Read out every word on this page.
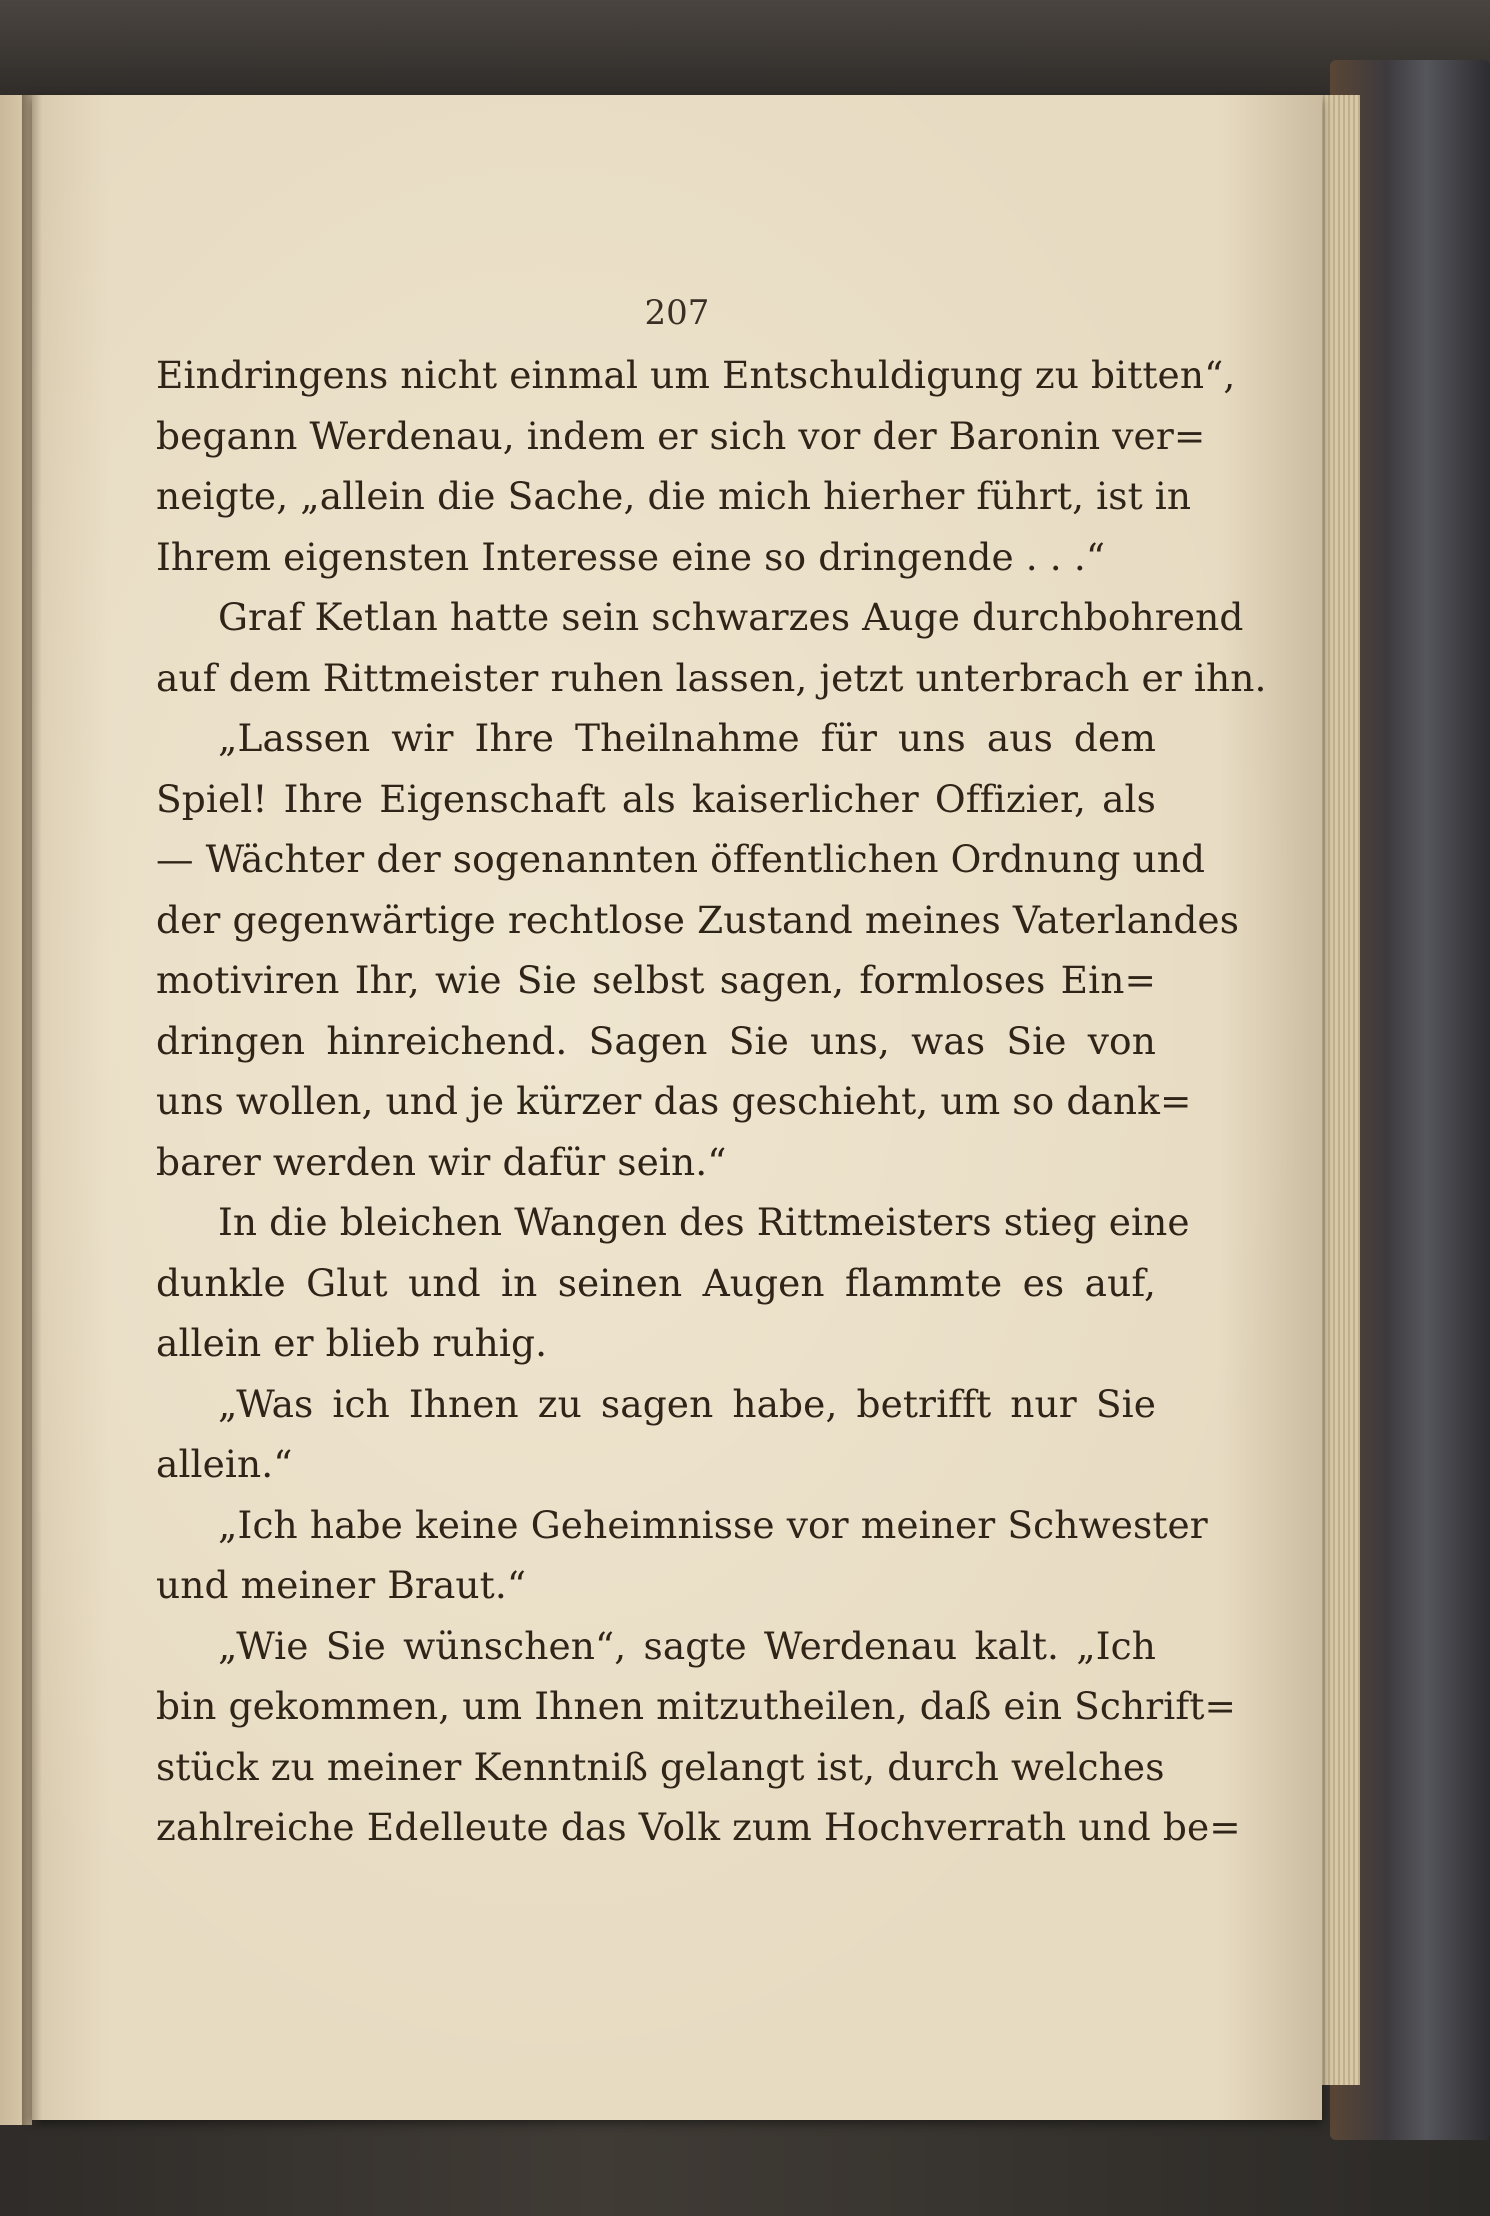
207
Eindringens nicht einmal um Entschuldigung zu bitten“,
begann Werdenau, indem er sich vor der Baronin ver=
neigte, „allein die Sache, die mich hierher führt, ist in
Ihrem eigensten Interesse eine so dringende . . .“
Graf Ketlan hatte sein schwarzes Auge durchbohrend
auf dem Rittmeister ruhen lassen, jetzt unterbrach er ihn.
„Lassen wir Ihre Theilnahme für uns aus dem
Spiel! Ihre Eigenschaft als kaiserlicher Offizier, als
— Wächter der sogenannten öffentlichen Ordnung und
der gegenwärtige rechtlose Zustand meines Vaterlandes
motiviren Ihr, wie Sie selbst sagen, formloses Ein=
dringen hinreichend. Sagen Sie uns, was Sie von
uns wollen, und je kürzer das geschieht, um so dank=
barer werden wir dafür sein.“
In die bleichen Wangen des Rittmeisters stieg eine
dunkle Glut und in seinen Augen flammte es auf,
allein er blieb ruhig.
„Was ich Ihnen zu sagen habe, betrifft nur Sie
allein.“
„Ich habe keine Geheimnisse vor meiner Schwester
und meiner Braut.“
„Wie Sie wünschen“, sagte Werdenau kalt. „Ich
bin gekommen, um Ihnen mitzutheilen, daß ein Schrift=
stück zu meiner Kenntniß gelangt ist, durch welches
zahlreiche Edelleute das Volk zum Hochverrath und be=
